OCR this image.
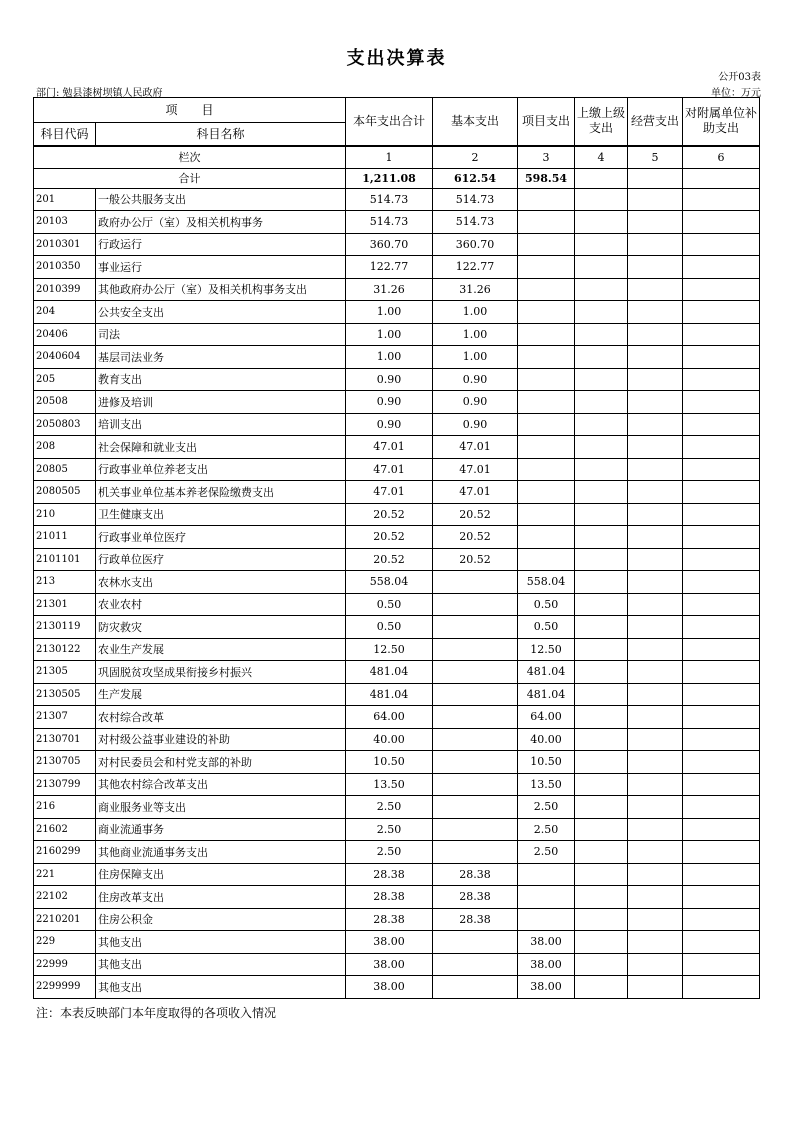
支出决算表
公开03表
部门: 勉县漆树坝镇人民政府	单位：万元
项　　目		本年支出合计	基本支出	项目支出	上缴上级支出	经营支出	对附属单位补助支出
科目代码	科目名称						
栏次		1	2	3	4	5	6
合计		1,211.08	612.54	598.54			
201	一般公共服务支出	514.73	514.73				
20103	政府办公厅（室）及相关机构事务	514.73	514.73				
2010301	行政运行	360.70	360.70				
2010350	事业运行	122.77	122.77				
2010399	其他政府办公厅（室）及相关机构事务支出	31.26	31.26				
204	公共安全支出	1.00	1.00				
20406	司法	1.00	1.00				
2040604	基层司法业务	1.00	1.00				
205	教育支出	0.90	0.90				
20508	进修及培训	0.90	0.90				
2050803	培训支出	0.90	0.90				
208	社会保障和就业支出	47.01	47.01				
20805	行政事业单位养老支出	47.01	47.01				
2080505	机关事业单位基本养老保险缴费支出	47.01	47.01				
210	卫生健康支出	20.52	20.52				
21011	行政事业单位医疗	20.52	20.52				
2101101	行政单位医疗	20.52	20.52				
213	农林水支出	558.04		558.04			
21301	农业农村	0.50		0.50			
2130119	防灾救灾	0.50		0.50			
2130122	农业生产发展	12.50		12.50			
21305	巩固脱贫攻坚成果衔接乡村振兴	481.04		481.04			
2130505	生产发展	481.04		481.04			
21307	农村综合改革	64.00		64.00			
2130701	对村级公益事业建设的补助	40.00		40.00			
2130705	对村民委员会和村党支部的补助	10.50		10.50			
2130799	其他农村综合改革支出	13.50		13.50			
216	商业服务业等支出	2.50		2.50			
21602	商业流通事务	2.50		2.50			
2160299	其他商业流通事务支出	2.50		2.50			
221	住房保障支出	28.38	28.38				
22102	住房改革支出	28.38	28.38				
2210201	住房公积金	28.38	28.38				
229	其他支出	38.00		38.00			
22999	其他支出	38.00		38.00			
2299999	其他支出	38.00		38.00			
注：本表反映部门本年度取得的各项收入情况
